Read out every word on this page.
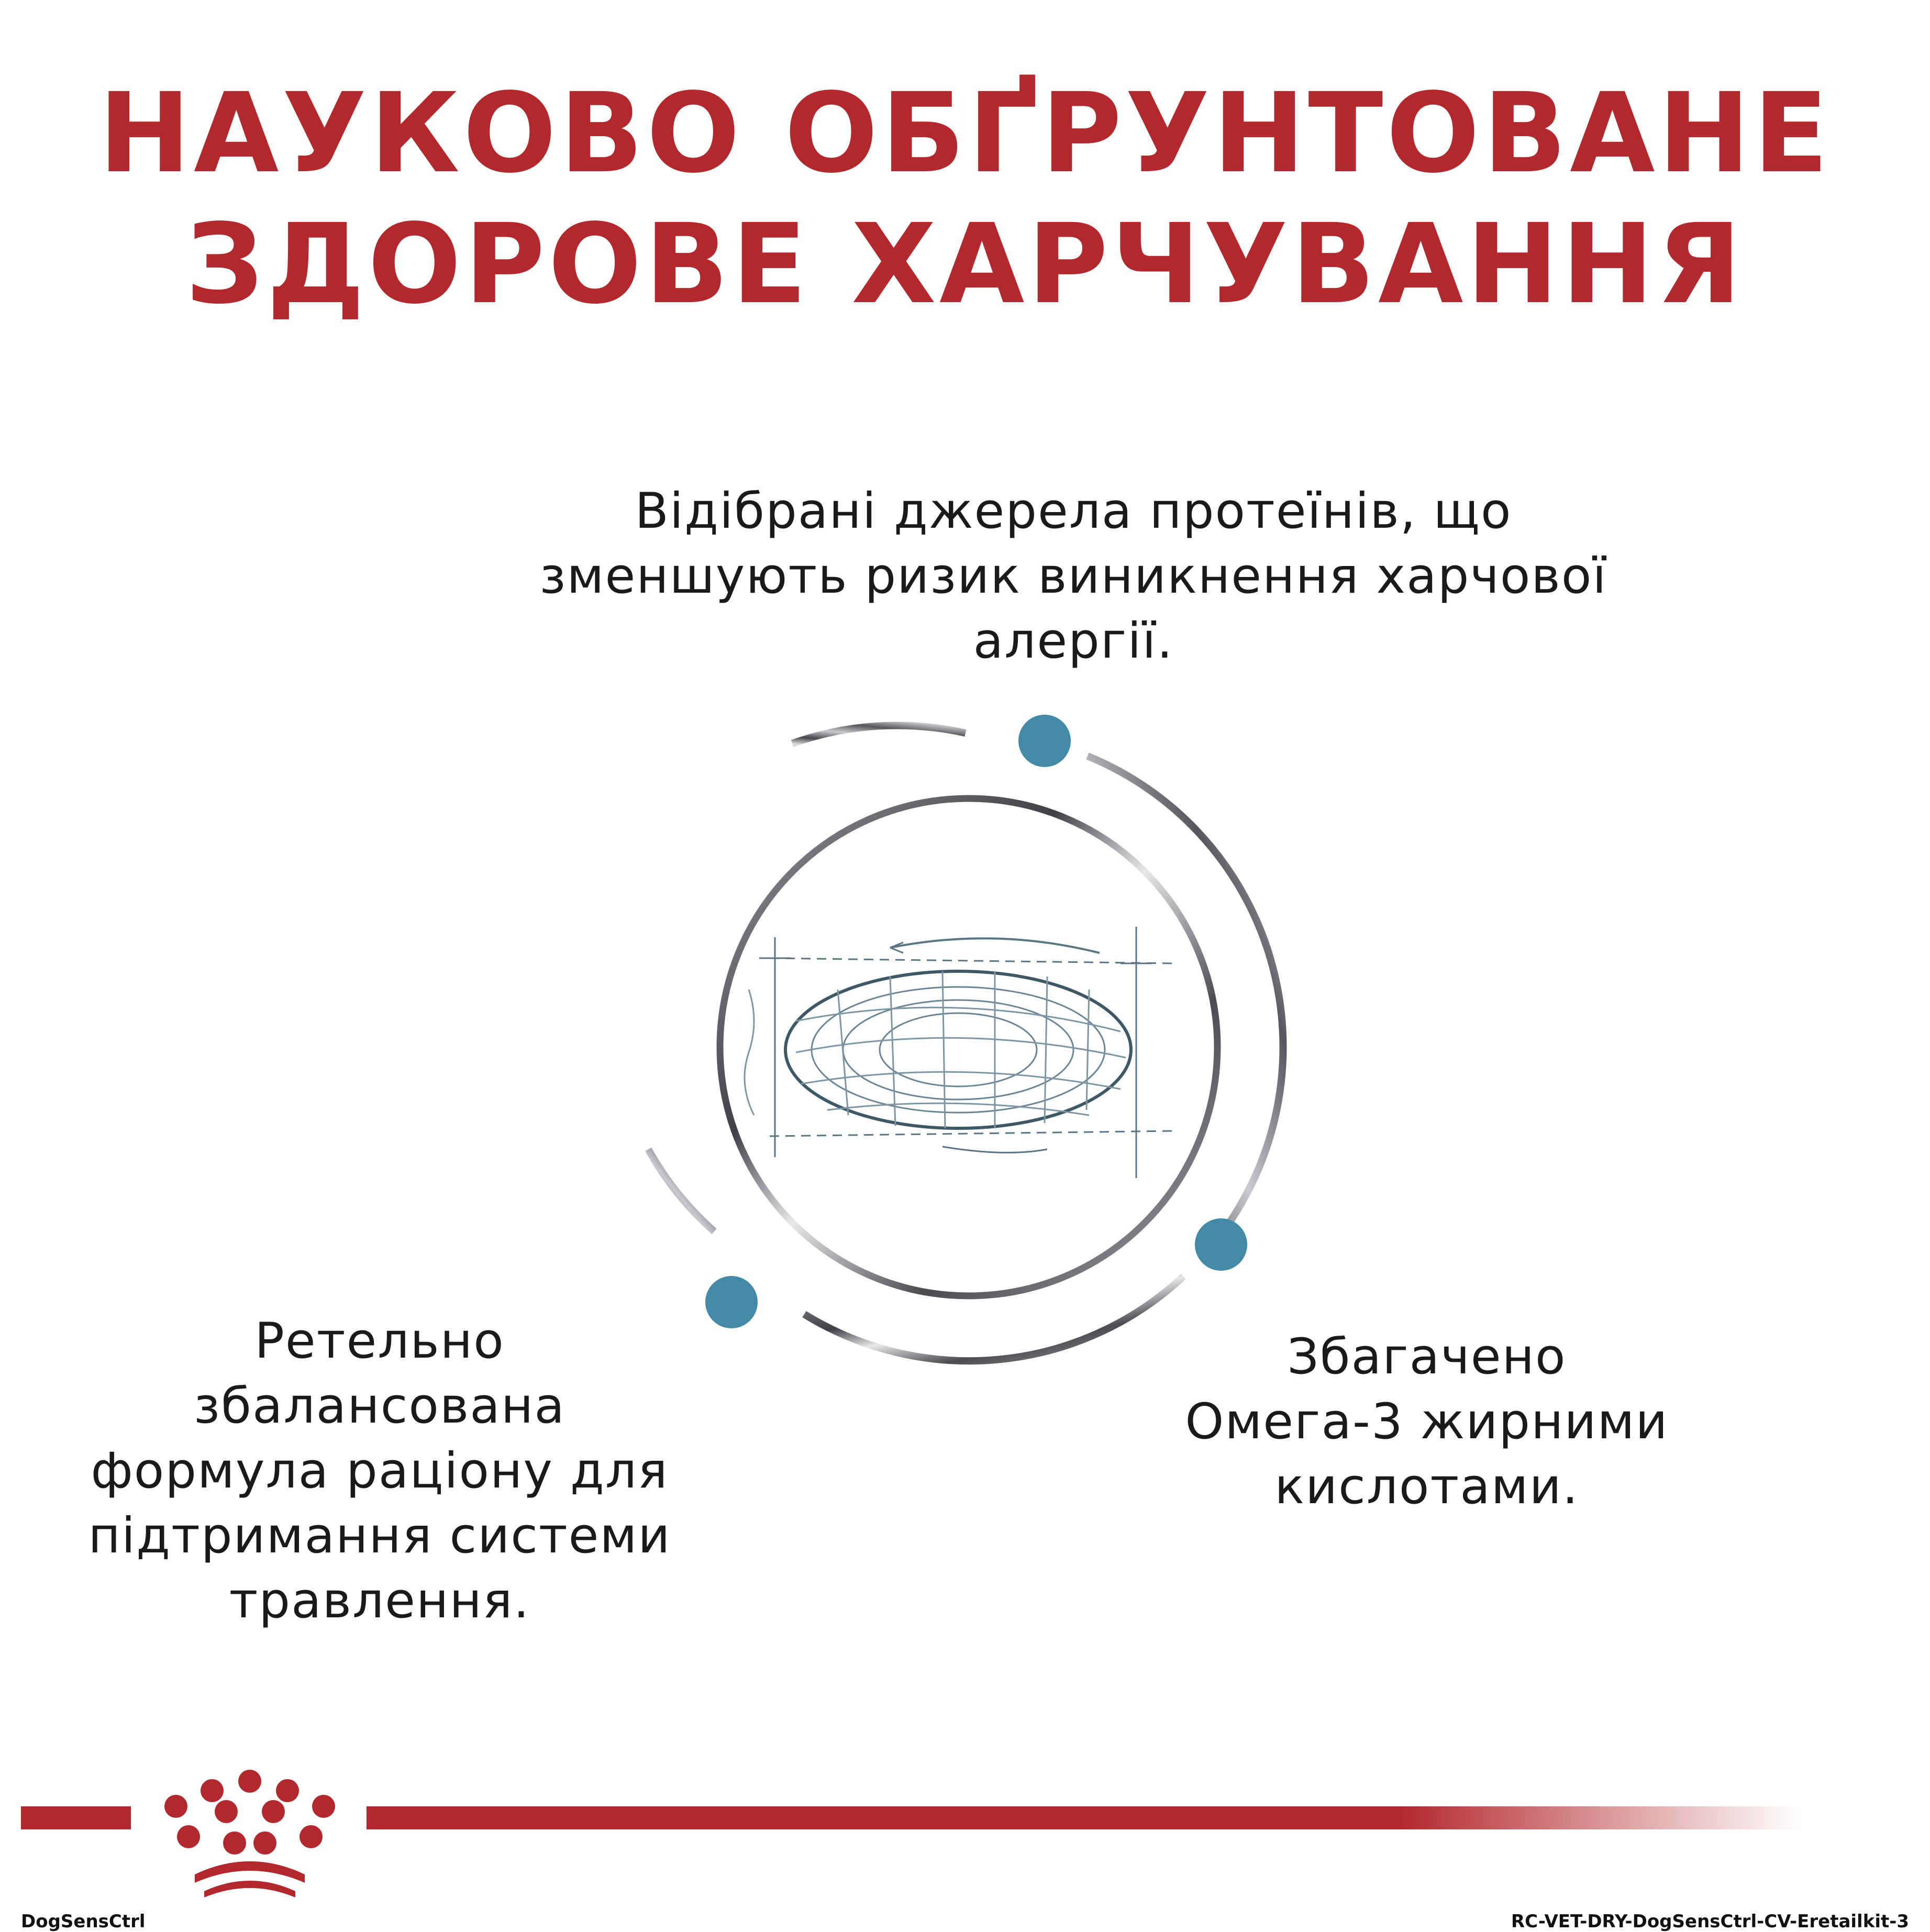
НАУКОВО ОБҐРУНТОВАНЕ
ЗДОРОВЕ ХАРЧУВАННЯ
Відібрані джерела протеїнів, що
зменшують ризик виникнення харчової
алергії.
Ретельно
збалансована
формула раціону для
підтримання системи
травлення.
Збагачено
Омега-3 жирними
кислотами.
DogSensCtrl	RC-VET-DRY-DogSensCtrl-CV-Eretailkit-3
